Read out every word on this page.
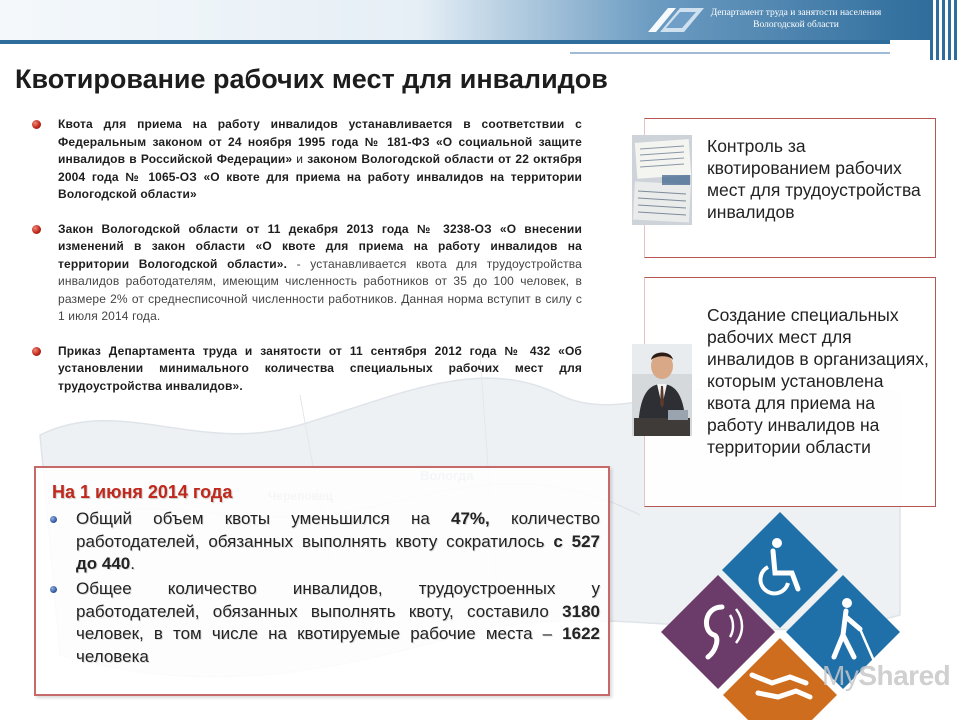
Департамент труда и занятости населения
Вологодской области
Квотирование рабочих мест для инвалидов
Квота для приема на работу инвалидов устанавливается в соответствии с Федеральным законом от 24 ноября 1995 года № 181-ФЗ «О социальной защите инвалидов в Российской Федерации» и законом Вологодской области от 22 октября 2004 года № 1065-ОЗ «О квоте для приема на работу инвалидов на территории Вологодской области»
Закон Вологодской области от 11 декабря 2013 года № 3238-ОЗ «О внесении изменений в закон области «О квоте для приема на работу инвалидов на территории Вологодской области». - устанавливается квота для трудоустройства инвалидов работодателям, имеющим численность работников от 35 до 100 человек, в размере 2% от среднесписочной численности работников. Данная норма вступит в силу с 1 июля 2014 года.
Приказ Департамента труда и занятости от 11 сентября 2012 года № 432 «Об установлении минимального количества специальных рабочих мест для трудоустройства инвалидов».
На 1 июня 2014 года
Общий объем квоты уменьшился на 47%, количество работодателей, обязанных выполнять квоту сократилось с 527 до 440.
Общее количество инвалидов, трудоустроенных у работодателей, обязанных выполнять квоту, составило 3180 человек, в том числе на квотируемые рабочие места – 1622 человека
Контроль за квотированием рабочих мест для трудоустройства инвалидов
Создание специальных рабочих мест для инвалидов в организациях, которым установлена квота для приема на работу инвалидов на территории области
MyShared
